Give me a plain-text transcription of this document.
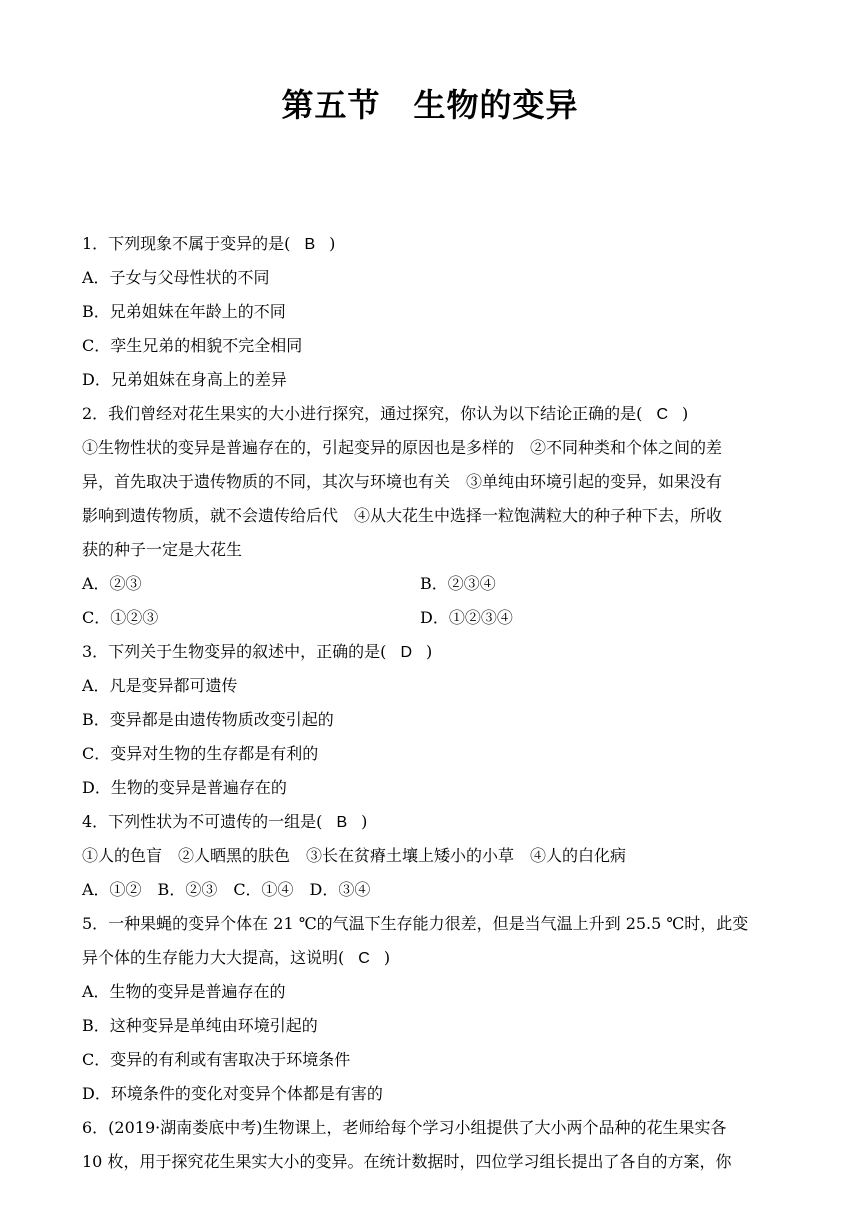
第五节　生物的变异
1．下列现象不属于变异的是( B )
A．子女与父母性状的不同
B．兄弟姐妹在年龄上的不同
C．孪生兄弟的相貌不完全相同
D．兄弟姐妹在身高上的差异
2．我们曾经对花生果实的大小进行探究，通过探究，你认为以下结论正确的是( C )
①生物性状的变异是普遍存在的，引起变异的原因也是多样的　②不同种类和个体之间的差
异，首先取决于遗传物质的不同，其次与环境也有关　③单纯由环境引起的变异，如果没有
影响到遗传物质，就不会遗传给后代　④从大花生中选择一粒饱满粒大的种子种下去，所收
获的种子一定是大花生
A．②③	B．②③④
C．①②③	D．①②③④
3．下列关于生物变异的叙述中，正确的是( D )
A．凡是变异都可遗传
B．变异都是由遗传物质改变引起的
C．变异对生物的生存都是有利的
D．生物的变异是普遍存在的
4．下列性状为不可遗传的一组是( B )
①人的色盲　②人晒黑的肤色　③长在贫瘠土壤上矮小的小草　④人的白化病
A．①②　B．②③　C．①④　D．③④
5．一种果蝇的变异个体在 21 ℃的气温下生存能力很差，但是当气温上升到 25.5 ℃时，此变
异个体的生存能力大大提高，这说明( C )
A．生物的变异是普遍存在的
B．这种变异是单纯由环境引起的
C．变异的有利或有害取决于环境条件
D．环境条件的变化对变异个体都是有害的
6．(2019·湖南娄底中考)生物课上，老师给每个学习小组提供了大小两个品种的花生果实各
10 枚，用于探究花生果实大小的变异。在统计数据时，四位学习组长提出了各自的方案，你
